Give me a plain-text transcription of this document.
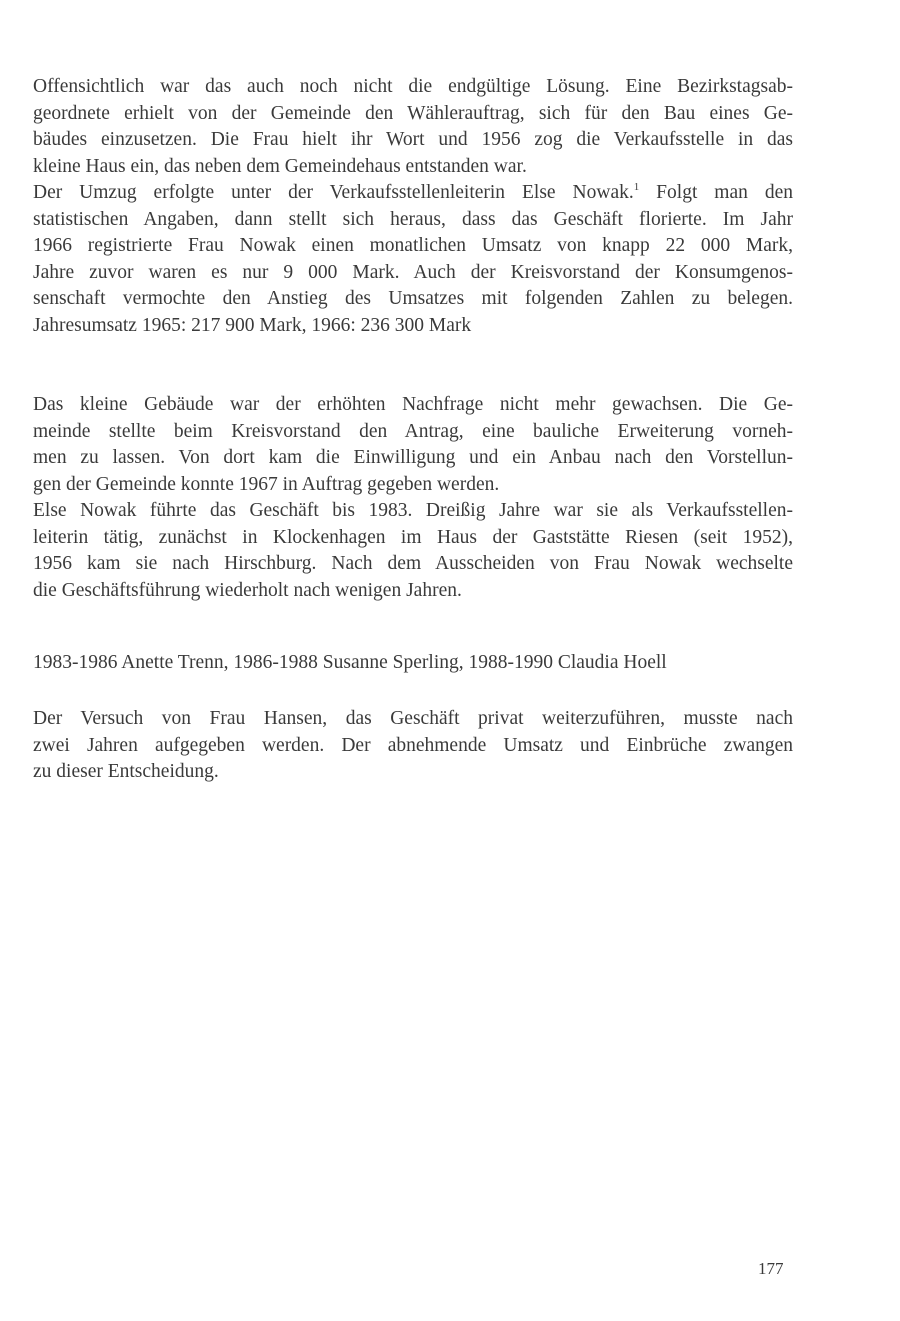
Offensichtlich war das auch noch nicht die endgültige Lösung. Eine Bezirkstagsab-
geordnete erhielt von der Gemeinde den Wählerauftrag, sich für den Bau eines Ge-
bäudes einzusetzen. Die Frau hielt ihr Wort und 1956 zog die Verkaufsstelle in das
kleine Haus ein, das neben dem Gemeindehaus entstanden war.
Der Umzug erfolgte unter der Verkaufsstellenleiterin Else Nowak.$^1$ Folgt man den
statistischen Angaben, dann stellt sich heraus, dass das Geschäft florierte. Im Jahr
1966 registrierte Frau Nowak einen monatlichen Umsatz von knapp 22 000 Mark,
Jahre zuvor waren es nur 9 000 Mark. Auch der Kreisvorstand der Konsumgenos-
senschaft vermochte den Anstieg des Umsatzes mit folgenden Zahlen zu belegen.
Jahresumsatz 1965: 217 900 Mark, 1966: 236 300 Mark
Das kleine Gebäude war der erhöhten Nachfrage nicht mehr gewachsen. Die Ge-
meinde stellte beim Kreisvorstand den Antrag, eine bauliche Erweiterung vorneh-
men zu lassen. Von dort kam die Einwilligung und ein Anbau nach den Vorstellun-
gen der Gemeinde konnte 1967 in Auftrag gegeben werden.
Else Nowak führte das Geschäft bis 1983. Dreißig Jahre war sie als Verkaufsstellen-
leiterin tätig, zunächst in Klockenhagen im Haus der Gaststätte Riesen (seit 1952),
1956 kam sie nach Hirschburg. Nach dem Ausscheiden von Frau Nowak wechselte
die Geschäftsführung wiederholt nach wenigen Jahren.
1983-1986 Anette Trenn, 1986-1988 Susanne Sperling, 1988-1990 Claudia Hoell
Der Versuch von Frau Hansen, das Geschäft privat weiterzuführen, musste nach
zwei Jahren aufgegeben werden. Der abnehmende Umsatz und Einbrüche zwangen
zu dieser Entscheidung.
177
